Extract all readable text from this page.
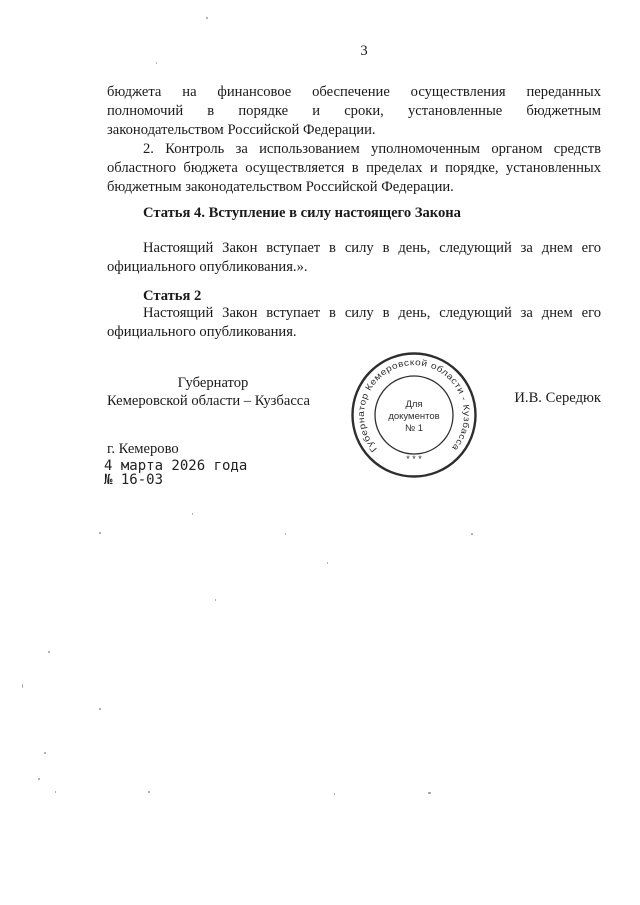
3
бюджета на финансовое обеспечение осуществления переданных
полномочий в порядке и сроки, установленные бюджетным
законодательством Российской Федерации.
2. Контроль за использованием уполномоченным органом средств
областного бюджета осуществляется в пределах и порядке, установленных
бюджетным законодательством Российской Федерации.
Статья 4. Вступление в силу настоящего Закона
Настоящий Закон вступает в силу в день, следующий за днем его
официального опубликования.».
Статья 2
Настоящий Закон вступает в силу в день, следующий за днем его
официального опубликования.
Губернатор
Кемеровской области – Кузбасса	И.В. Середюк
Губернатор Кемеровской области - Кузбасса
Для
документов
№ 1
* * *
г. Кемерово
4 марта 2026 года
№ 16-03
